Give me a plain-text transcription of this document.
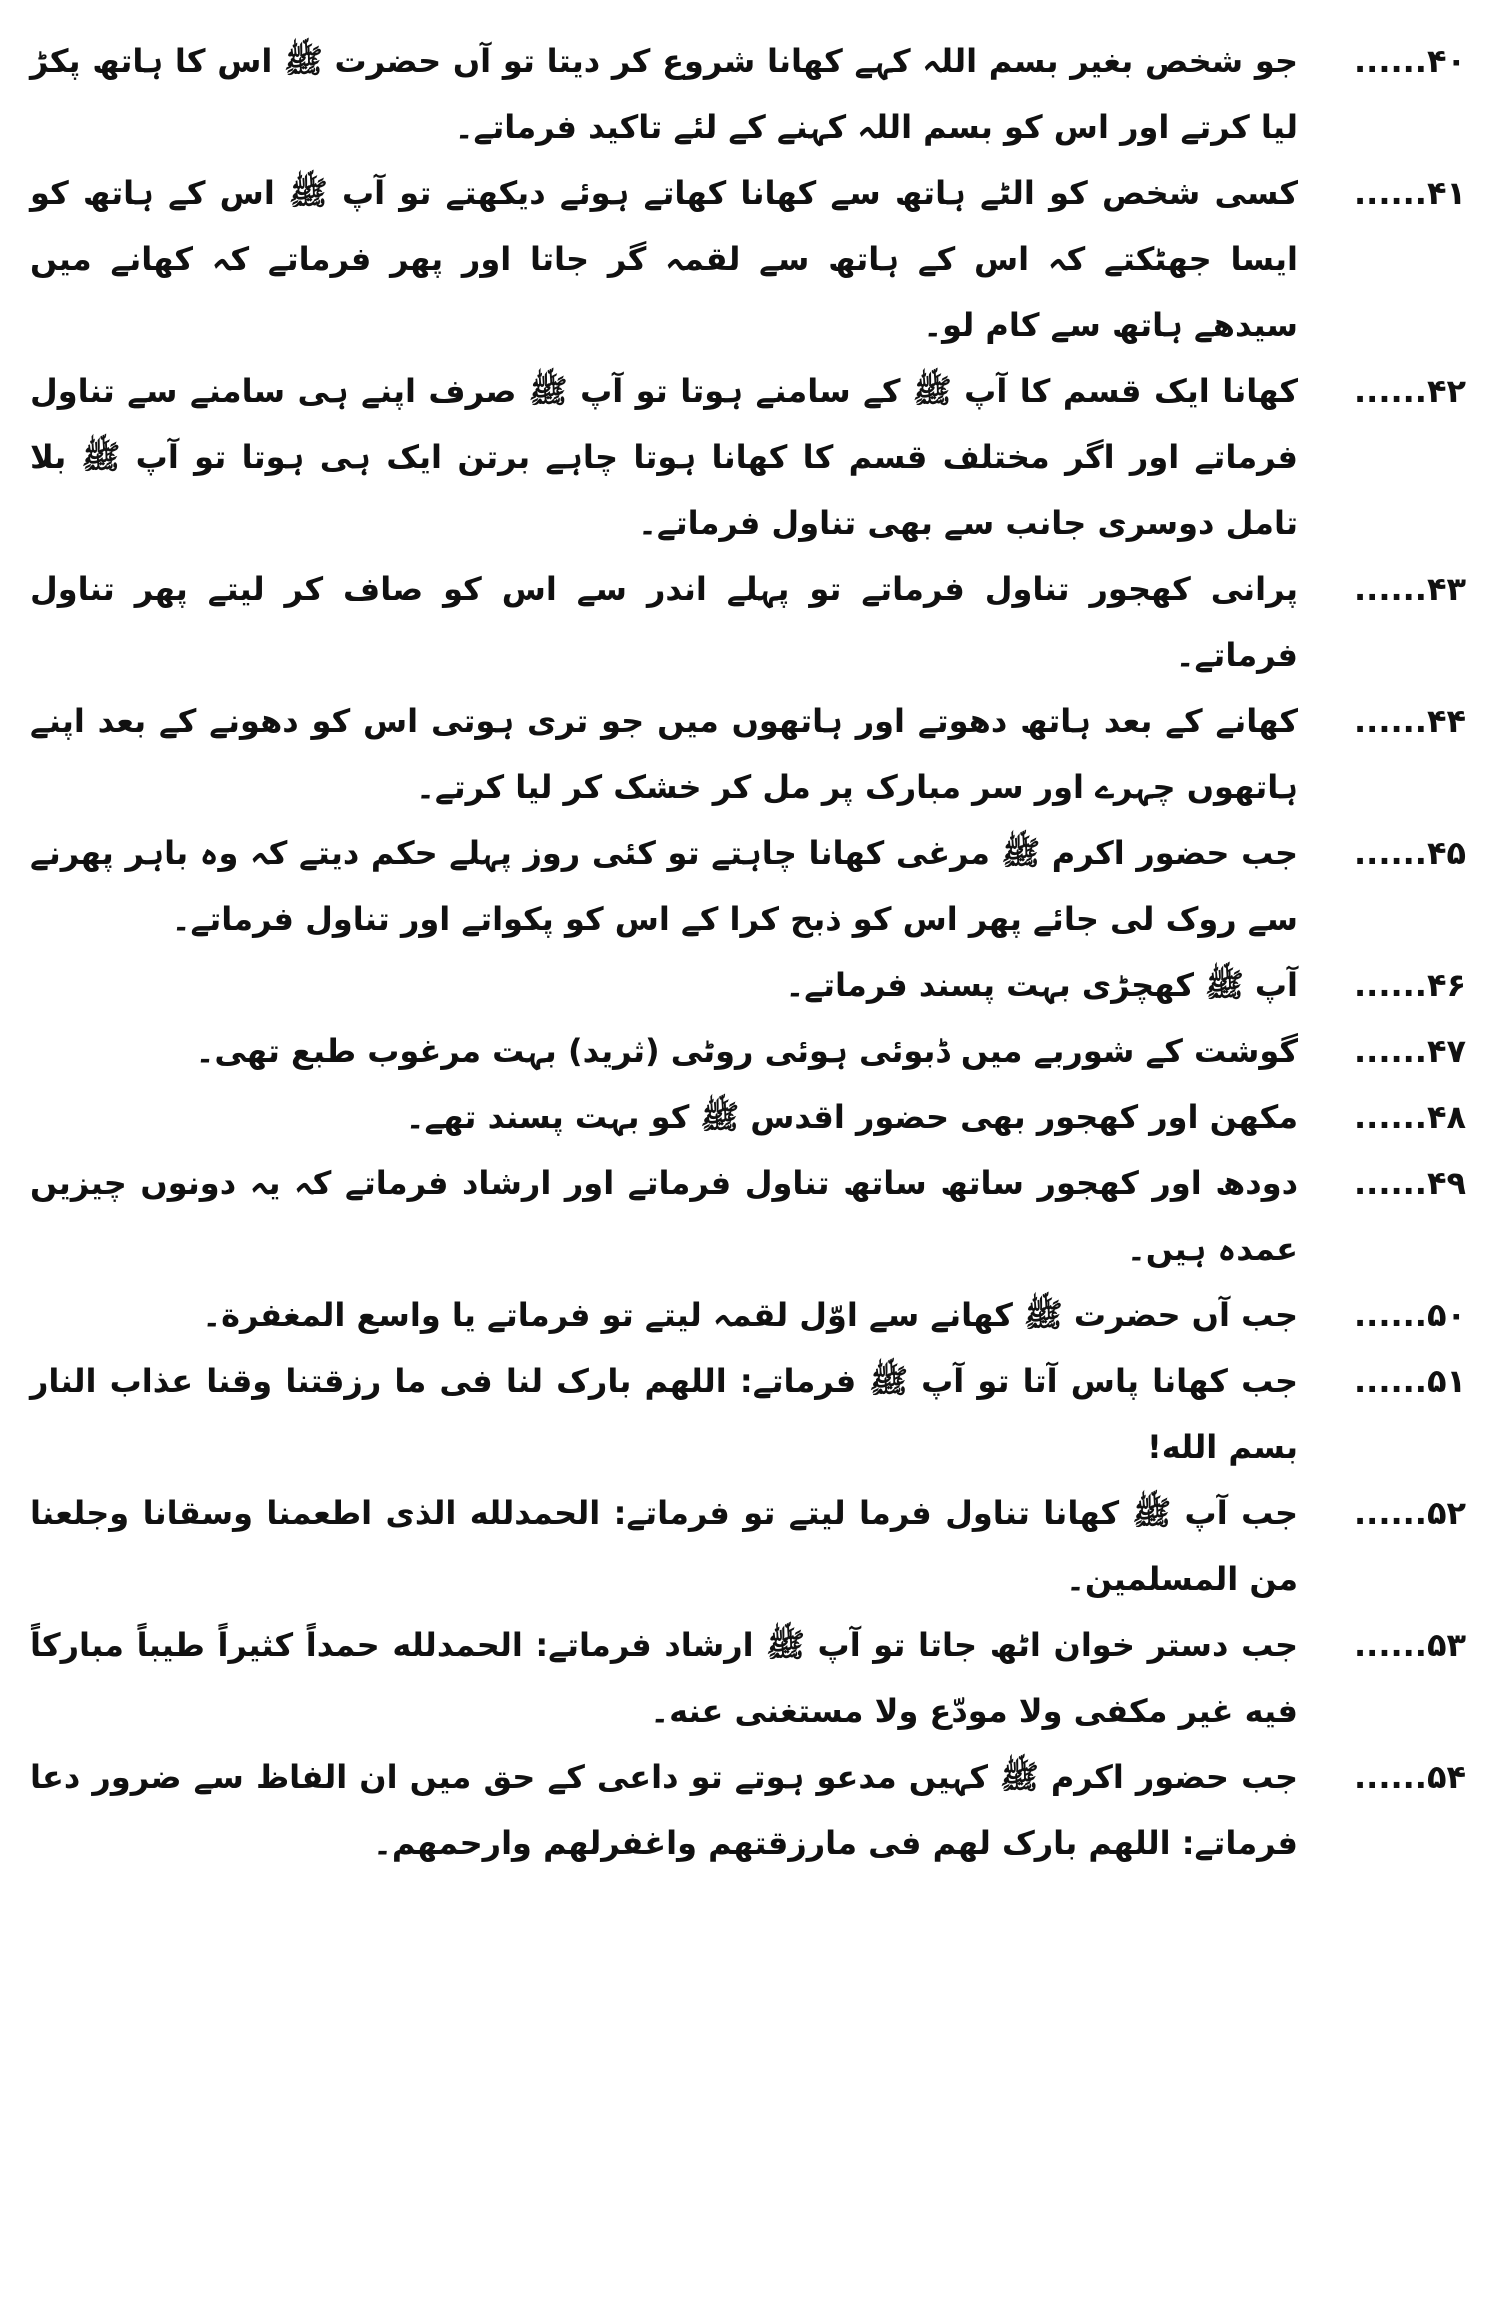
۴۰......
جو شخص بغیر بسم اللہ کہے کھانا شروع کر دیتا تو آں حضرت ﷺ اس کا ہاتھ پکڑ لیا کرتے اور اس کو بسم اللہ کہنے کے لئے تاکید فرماتے۔
۴۱......
کسی شخص کو الٹے ہاتھ سے کھانا کھاتے ہوئے دیکھتے تو آپ ﷺ اس کے ہاتھ کو ایسا جھٹکتے کہ اس کے ہاتھ سے لقمہ گر جاتا اور پھر فرماتے کہ کھانے میں سیدھے ہاتھ سے کام لو۔
۴۲......
کھانا ایک قسم کا آپ ﷺ کے سامنے ہوتا تو آپ ﷺ صرف اپنے ہی سامنے سے تناول فرماتے اور اگر مختلف قسم کا کھانا ہوتا چاہے برتن ایک ہی ہوتا تو آپ ﷺ بلا تامل دوسری جانب سے بھی تناول فرماتے۔
۴۳......
پرانی کھجور تناول فرماتے تو پہلے اندر سے اس کو صاف کر لیتے پھر تناول فرماتے۔
۴۴......
کھانے کے بعد ہاتھ دھوتے اور ہاتھوں میں جو تری ہوتی اس کو دھونے کے بعد اپنے ہاتھوں چہرے اور سر مبارک پر مل کر خشک کر لیا کرتے۔
۴۵......
جب حضور اکرم ﷺ مرغی کھانا چاہتے تو کئی روز پہلے حکم دیتے کہ وہ باہر پھرنے سے روک لی جائے پھر اس کو ذبح کرا کے اس کو پکواتے اور تناول فرماتے۔
۴۶......
آپ ﷺ کھچڑی بہت پسند فرماتے۔
۴۷......
گوشت کے شوربے میں ڈبوئی ہوئی روٹی (ثرید) بہت مرغوب طبع تھی۔
۴۸......
مکھن اور کھجور بھی حضور اقدس ﷺ کو بہت پسند تھے۔
۴۹......
دودھ اور کھجور ساتھ ساتھ تناول فرماتے اور ارشاد فرماتے کہ یہ دونوں چیزیں عمدہ ہیں۔
۵۰......
جب آں حضرت ﷺ کھانے سے اوّل لقمہ لیتے تو فرماتے یا واسع المغفرة۔
۵۱......
جب کھانا پاس آتا تو آپ ﷺ فرماتے: اللھم بارک لنا فی ما رزقتنا وقنا عذاب النار بسم الله!
۵۲......
جب آپ ﷺ کھانا تناول فرما لیتے تو فرماتے: الحمدلله الذی اطعمنا وسقانا وجلعنا من المسلمین۔
۵۳......
جب دستر خوان اٹھ جاتا تو آپ ﷺ ارشاد فرماتے: الحمدلله حمداً کثیراً طیباً مبارکاً فیه غیر مکفی ولا مودّع ولا مستغنی عنه۔
۵۴......
جب حضور اکرم ﷺ کہیں مدعو ہوتے تو داعی کے حق میں ان الفاظ سے ضرور دعا فرماتے: اللھم بارک لھم فی مارزقتھم واغفرلھم وارحمھم۔
